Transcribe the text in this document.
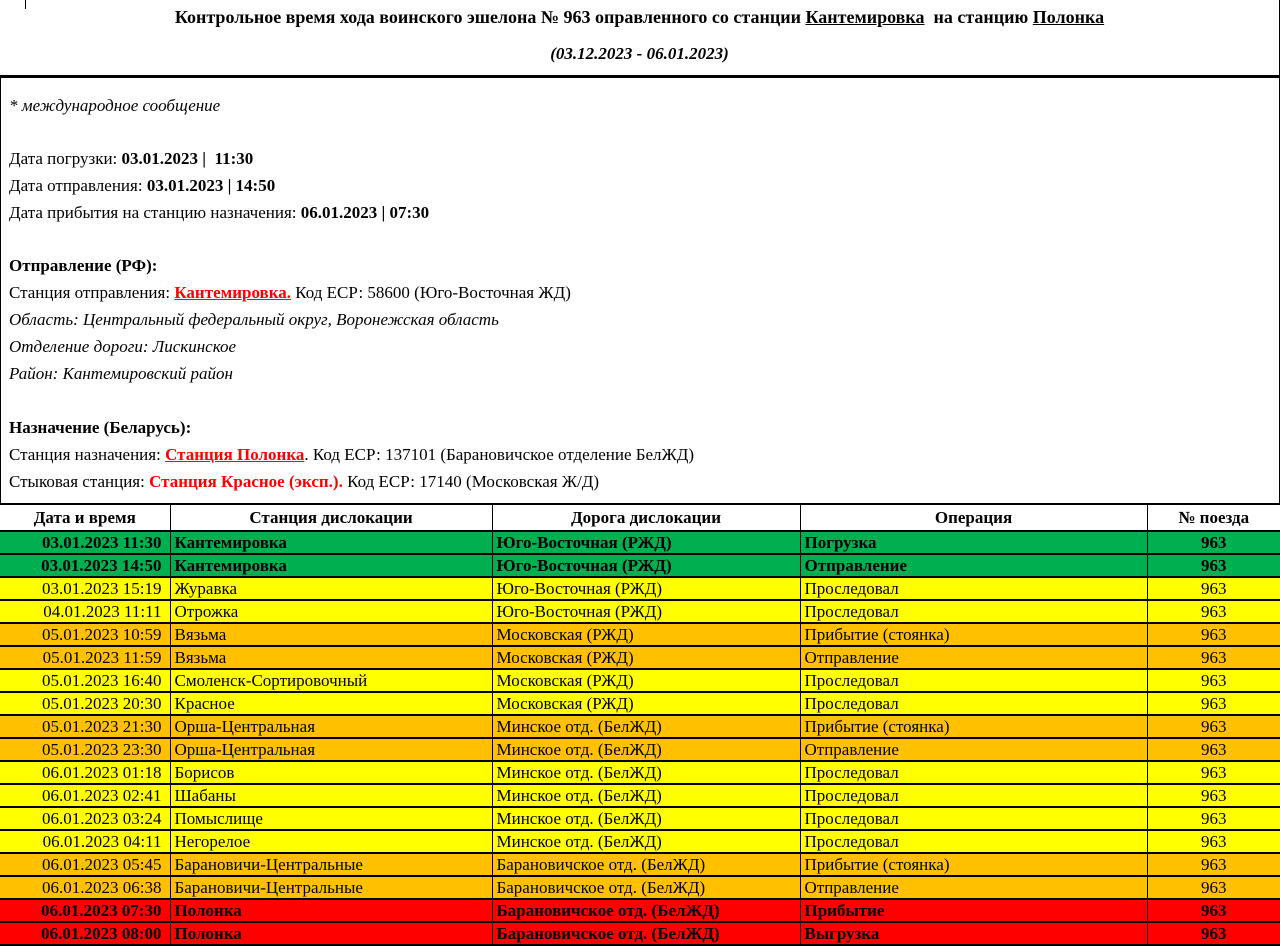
Контрольное время хода воинского эшелона № 963 оправленного со станции Кантемировка  на станцию Полонка
(03.12.2023 - 06.01.2023)

* международное сообщение

Дата погрузки: 03.01.2023 |  11:30

Дата отправления: 03.01.2023 | 14:50

Дата прибытия на станцию назначения: 06.01.2023 | 07:30

Отправление (РФ):

Станция отправления: Кантемировка. Код ЕСР: 58600 (Юго-Восточная ЖД)

Область: Центральный федеральный округ, Воронежская область

Отделение дороги: Лискинское

Район: Кантемировский район

Назначение (Беларусь):

Станция назначения: Станция Полонка. Код ЕСР: 137101 (Барановичское отделение БелЖД)

Стыковая станция: Станция Красное (эксп.). Код ЕСР: 17140 (Московская Ж/Д)

Дата и время	Станция дислокации	Дорога дислокации	Операция	№ поезда
03.01.2023 11:30	Кантемировка	Юго-Восточная (РЖД)	Погрузка	963
03.01.2023 14:50	Кантемировка	Юго-Восточная (РЖД)	Отправление	963
03.01.2023 15:19	Журавка	Юго-Восточная (РЖД)	Проследовал	963
04.01.2023 11:11	Отрожка	Юго-Восточная (РЖД)	Проследовал	963
05.01.2023 10:59	Вязьма	Московская (РЖД)	Прибытие (стоянка)	963
05.01.2023 11:59	Вязьма	Московская (РЖД)	Отправление	963
05.01.2023 16:40	Смоленск-Сортировочный	Московская (РЖД)	Проследовал	963
05.01.2023 20:30	Красное	Московская (РЖД)	Проследовал	963
05.01.2023 21:30	Орша-Центральная	Минское отд. (БелЖД)	Прибытие (стоянка)	963
05.01.2023 23:30	Орша-Центральная	Минское отд. (БелЖД)	Отправление	963
06.01.2023 01:18	Борисов	Минское отд. (БелЖД)	Проследовал	963
06.01.2023 02:41	Шабаны	Минское отд. (БелЖД)	Проследовал	963
06.01.2023 03:24	Помыслище	Минское отд. (БелЖД)	Проследовал	963
06.01.2023 04:11	Негорелое	Минское отд. (БелЖД)	Проследовал	963
06.01.2023 05:45	Барановичи-Центральные	Барановичское отд. (БелЖД)	Прибытие (стоянка)	963
06.01.2023 06:38	Барановичи-Центральные	Барановичское отд. (БелЖД)	Отправление	963
06.01.2023 07:30	Полонка	Барановичское отд. (БелЖД)	Прибытие	963
06.01.2023 08:00	Полонка	Барановичское отд. (БелЖД)	Выгрузка	963
